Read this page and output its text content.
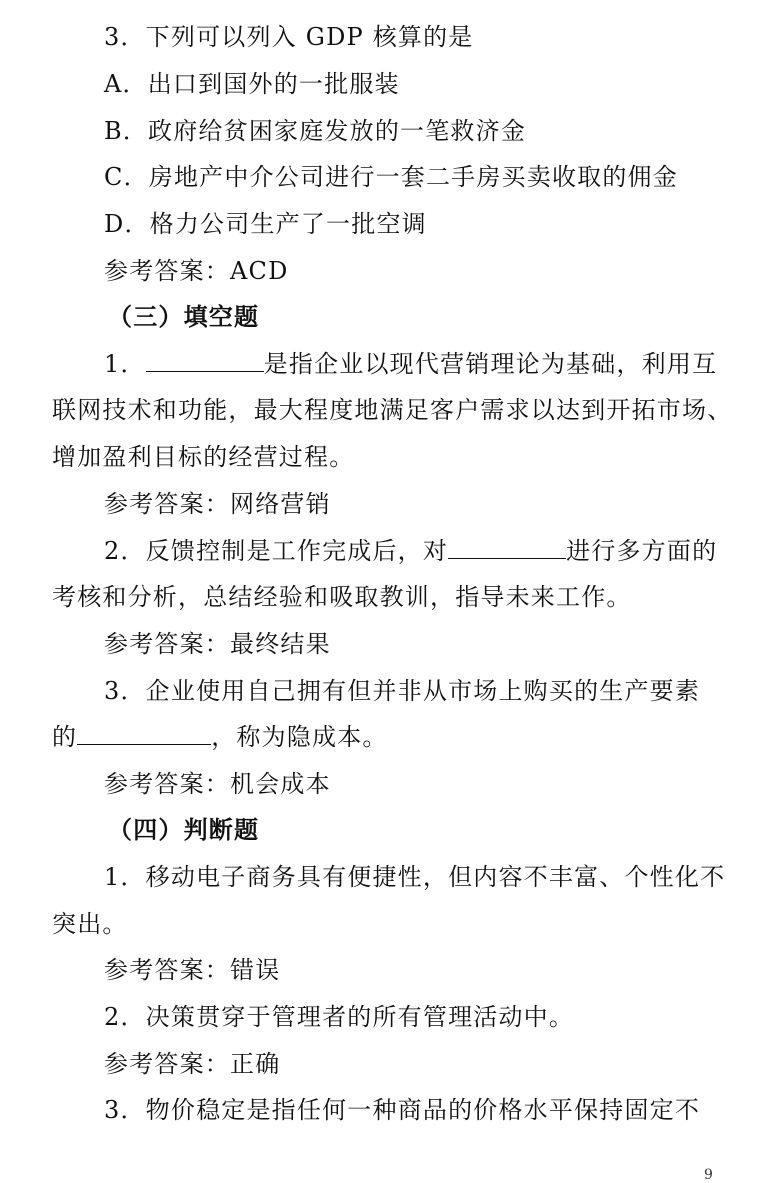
3．下列可以列入 GDP 核算的是
A．出口到国外的一批服装
B．政府给贫困家庭发放的一笔救济金
C．房地产中介公司进行一套二手房买卖收取的佣金
D．格力公司生产了一批空调
参考答案：ACD
（三）填空题
1．	是指企业以现代营销理论为基础，利用互
联网技术和功能，最大程度地满足客户需求以达到开拓市场、
增加盈利目标的经营过程。
参考答案：网络营销
2．反馈控制是工作完成后，对	进行多方面的
考核和分析，总结经验和吸取教训，指导未来工作。
参考答案：最终结果
3．企业使用自己拥有但并非从市场上购买的生产要素
的	，称为隐成本。
参考答案：机会成本
（四）判断题
1．移动电子商务具有便捷性，但内容不丰富、个性化不
突出。
参考答案：错误
2．决策贯穿于管理者的所有管理活动中。
参考答案：正确
3．物价稳定是指任何一种商品的价格水平保持固定不
9
